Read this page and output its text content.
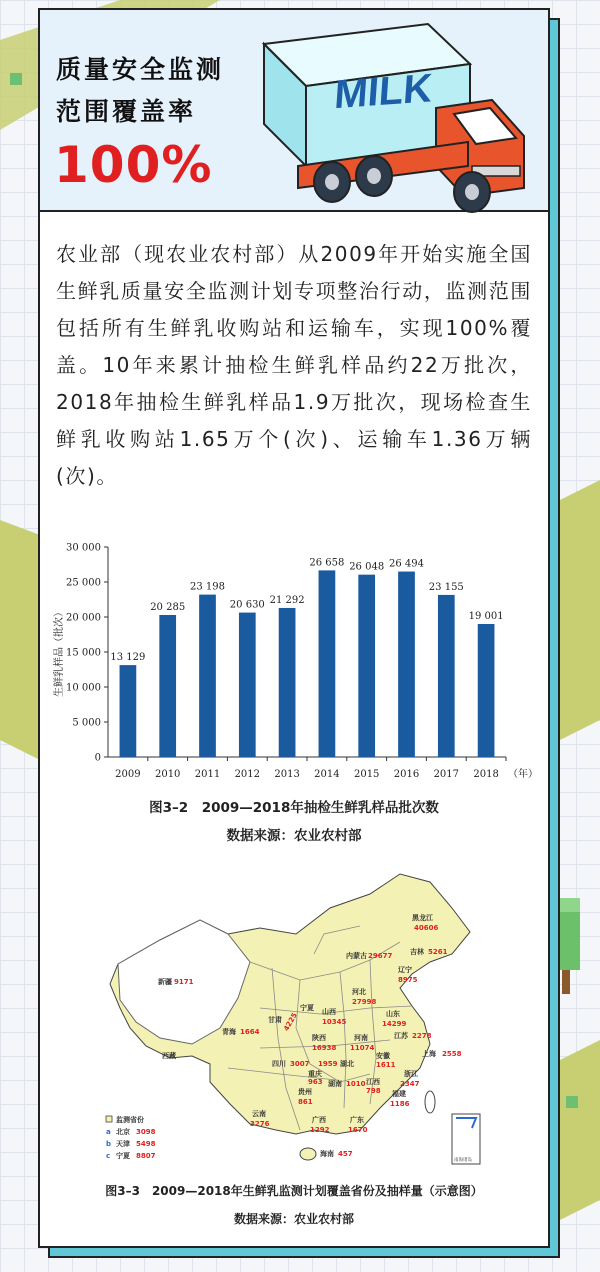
质量安全监测
范围覆盖率
100%
MILK
农业部（现农业农村部）从2009年开始实施全国生鲜乳质量安全监测计划专项整治行动，监测范围包括所有生鲜乳收购站和运输车，实现100%覆盖。10年来累计抽检生鲜乳样品约22万批次，2018年抽检生鲜乳样品1.9万批次，现场检查生鲜乳收购站1.65万个(次)、运输车1.36万辆(次)。
0
5 000
10 000
15 000
20 000
25 000
30 000
生鲜乳样品（批次）	13 129
2009
20 285
2010
23 198
2011
20 630
2012
21 292
2013
26 658
2014
26 048
2015
26 494
2016
23 155
2017
19 001
2018 （年）
图3–2　2009—2018年抽检生鲜乳样品批次数
数据来源：农业农村部
黑龙江
40606
吉林 5261
辽宁
8975
内蒙古 29677
新疆 9171
西藏
青海 1664
甘肃 4225
宁夏 山西
10345
河北
27998
山东
14299
河南
11074
陕西
16938
江苏 2278
安徽
1611
上海 2558
四川 3007	湖北
1959
浙江
2347
重庆
963 湖南 1010 江西
798
贵州
861
福建
1186
云南
3276	广西
1292
广东
1670
海南 457
监测省份
a 北京 3098
b 天津 5498
c 宁夏 8807
南海诸岛
图3–3　2009—2018年生鲜乳监测计划覆盖省份及抽样量（示意图）
数据来源：农业农村部
